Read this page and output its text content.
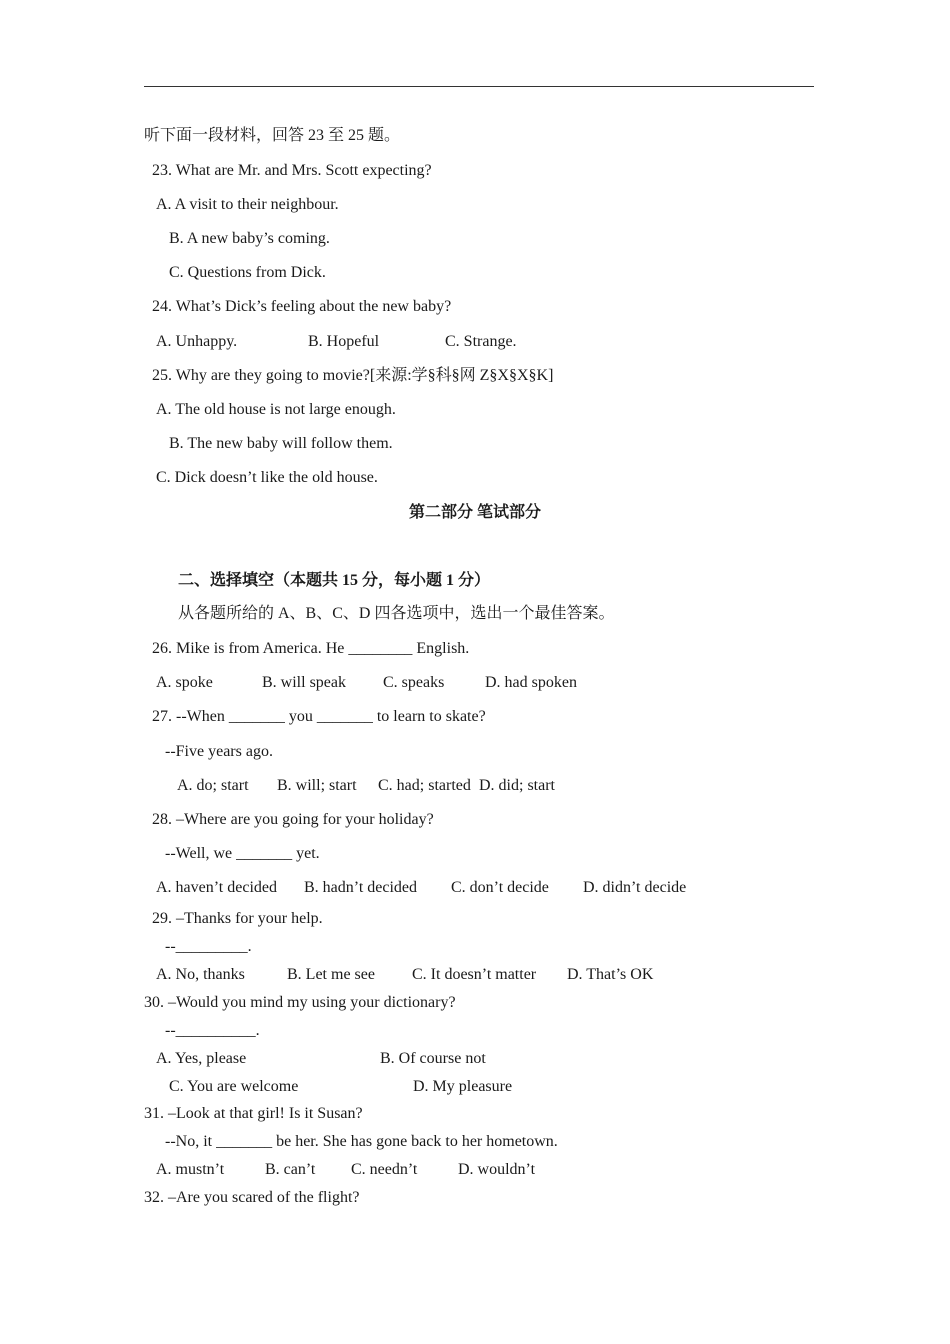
听下面一段材料，回答 23 至 25 题。
23. What are Mr. and Mrs. Scott expecting?
A. A visit to their neighbour.
B. A new baby’s coming.
C. Questions from Dick.
24. What’s Dick’s feeling about the new baby?
A. Unhappy.	B. Hopeful	C. Strange.
25. Why are they going to movie?[来源:学§科§网 Z§X§X§K]
A. The old house is not large enough.
B. The new baby will follow them.
C. Dick doesn’t like the old house.
第二部分 笔试部分
二、选择填空（本题共 15 分，每小题 1 分）
从各题所给的 A、B、C、D 四各选项中，选出一个最佳答案。
26. Mike is from America. He ________ English.
A. spoke	B. will speak C. speaks	D. had spoken
27. --When _______ you _______ to learn to skate?
--Five years ago.
A. do; start B. will; start C. had; started D. did; start
28. –Where are you going for your holiday?
--Well, we _______ yet.
A. haven’t decided B. hadn’t decided C. don’t decide D. didn’t decide
29. –Thanks for your help.
--_________.
A. No, thanks	B. Let me see C. It doesn’t matter D. That’s OK
30. –Would you mind my using your dictionary?
--__________.
A. Yes, please	B. Of course not
C. You are welcome	D. My pleasure
31. –Look at that girl! Is it Susan?
--No, it _______ be her. She has gone back to her hometown.
A. mustn’t	B. can’t C. needn’t	D. wouldn’t
32. –Are you scared of the flight?
